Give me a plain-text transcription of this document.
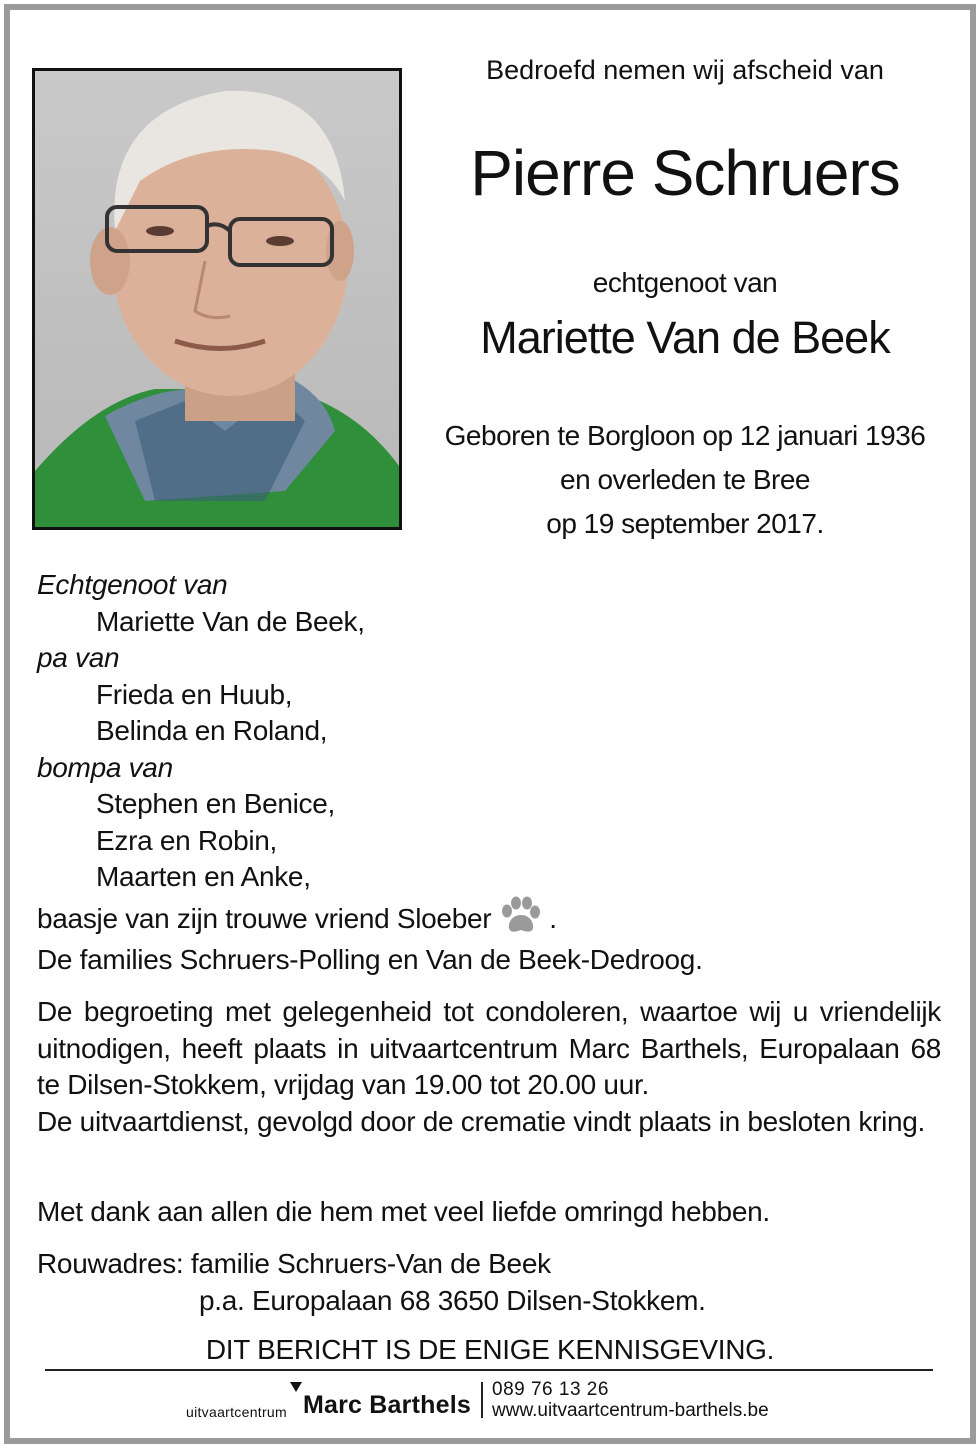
Bedroefd nemen wij afscheid van
Pierre Schruers
echtgenoot van
Mariette Van de Beek
Geboren te Borgloon op 12 januari 1936
en overleden te Bree
op 19 september 2017.
Echtgenoot van
Mariette Van de Beek,
pa van
Frieda en Huub,
Belinda en Roland,
bompa van
Stephen en Benice,
Ezra en Robin,
Maarten en Anke,
baasje van zijn trouwe vriend Sloeber .
De families Schruers-Polling en Van de Beek-Dedroog.
De begroeting met gelegenheid tot condoleren, waartoe wij u vriendelijk uitnodigen, heeft plaats in uitvaartcentrum Marc Barthels, Europalaan 68 te Dilsen-Stokkem, vrijdag van 19.00 tot 20.00 uur.
De uitvaartdienst, gevolgd door de crematie vindt plaats in besloten kring.
Met dank aan allen die hem met veel liefde omringd hebben.
Rouwadres: familie Schruers-Van de Beek
p.a. Europalaan 68 3650 Dilsen-Stokkem.
DIT BERICHT IS DE ENIGE KENNISGEVING.
uitvaartcentrum Marc Barthels
089 76 13 26
www.uitvaartcentrum-barthels.be
